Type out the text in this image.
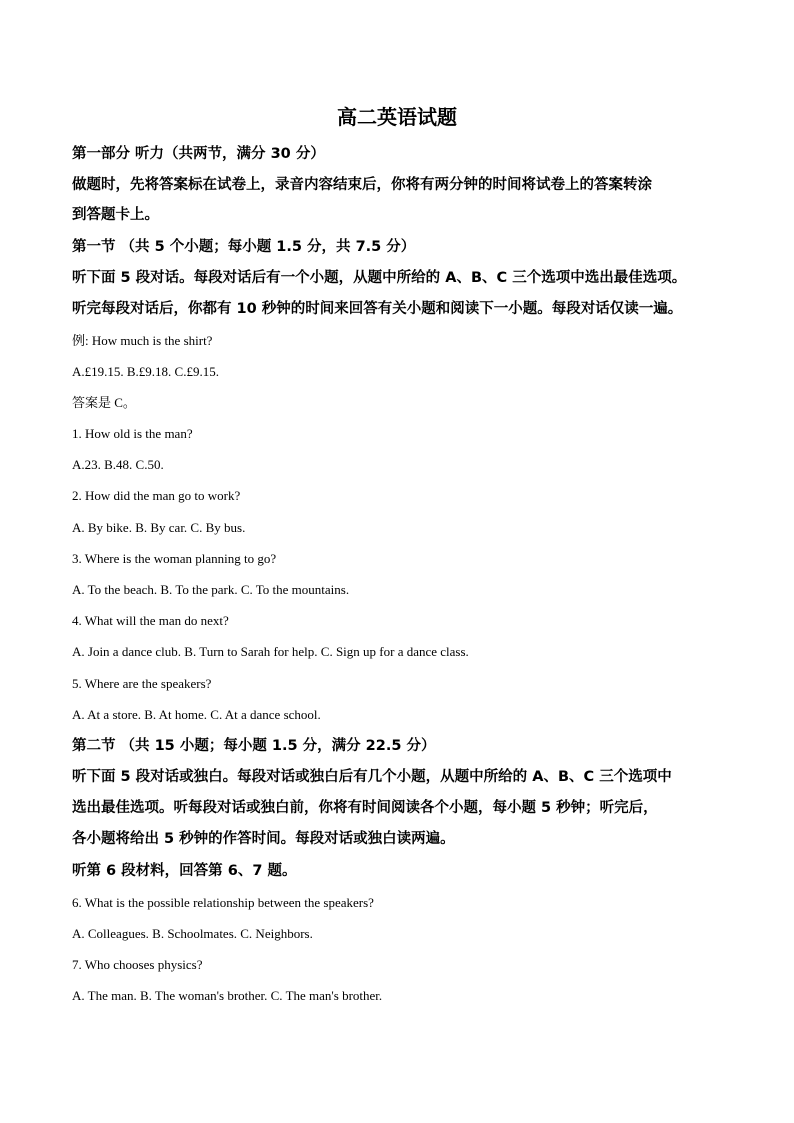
高二英语试题
第一部分 听力（共两节，满分 30 分）
做题时，先将答案标在试卷上，录音内容结束后，你将有两分钟的时间将试卷上的答案转涂
到答题卡上。
第一节 （共 5 个小题；每小题 1.5 分，共 7.5 分）
听下面 5 段对话。每段对话后有一个小题，从题中所给的 A、B、C 三个选项中选出最佳选项。
听完每段对话后，你都有 10 秒钟的时间来回答有关小题和阅读下一小题。每段对话仅读一遍。
例: How much is the shirt?
A.£19.15. B.£9.18. C.£9.15.
答案是 C。
1. How old is the man?
A.23. B.48. C.50.
2. How did the man go to work?
A. By bike. B. By car. C. By bus.
3. Where is the woman planning to go?
A. To the beach. B. To the park. C. To the mountains.
4. What will the man do next?
A. Join a dance club. B. Turn to Sarah for help. C. Sign up for a dance class.
5. Where are the speakers?
A. At a store. B. At home. C. At a dance school.
第二节 （共 15 小题；每小题 1.5 分，满分 22.5 分）
听下面 5 段对话或独白。每段对话或独白后有几个小题，从题中所给的 A、B、C 三个选项中
选出最佳选项。听每段对话或独白前，你将有时间阅读各个小题，每小题 5 秒钟；听完后，
各小题将给出 5 秒钟的作答时间。每段对话或独白读两遍。
听第 6 段材料，回答第 6、7 题。
6. What is the possible relationship between the speakers?
A. Colleagues. B. Schoolmates. C. Neighbors.
7. Who chooses physics?
A. The man. B. The woman's brother. C. The man's brother.
